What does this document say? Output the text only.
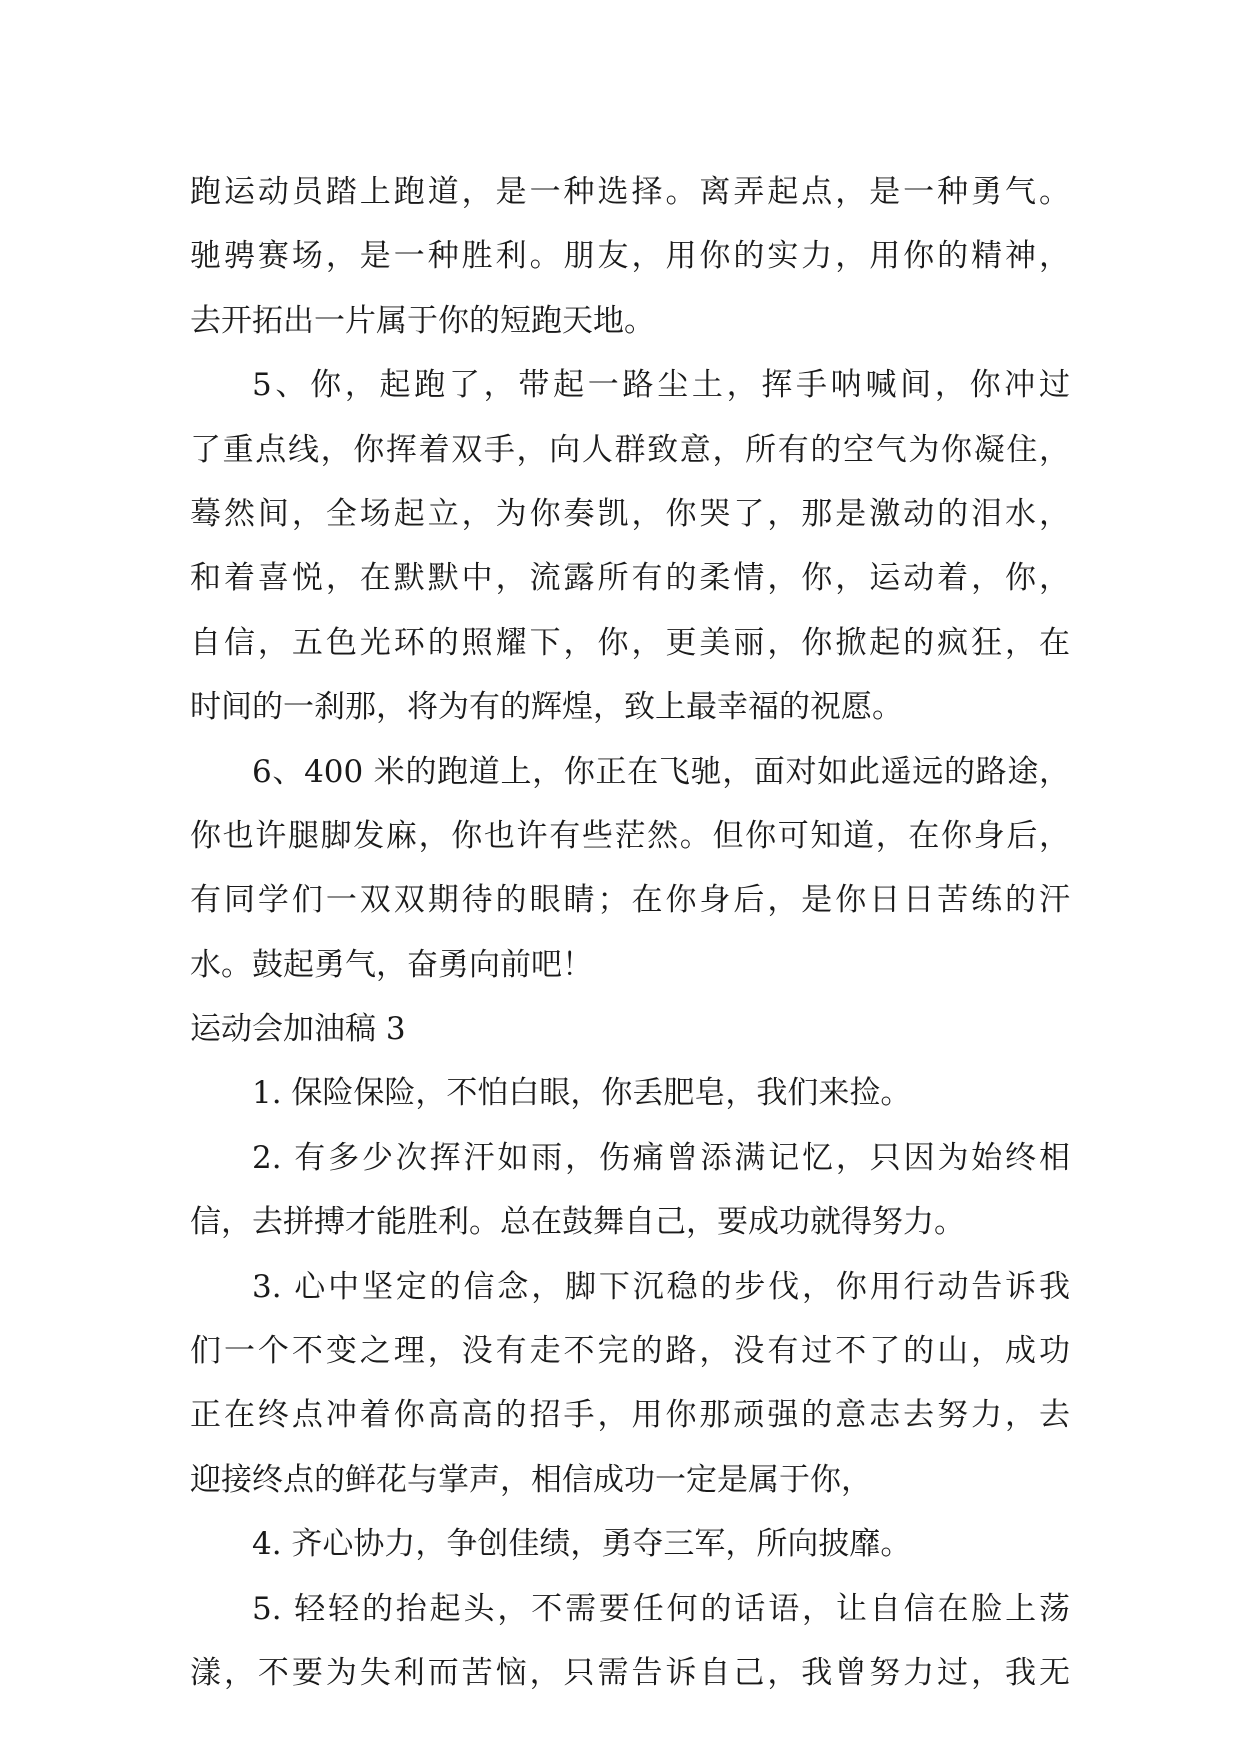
跑运动员踏上跑道，是一种选择。离弄起点，是一种勇气。
驰骋赛场，是一种胜利。朋友，用你的实力，用你的精神，
去开拓出一片属于你的短跑天地。
5、你，起跑了，带起一路尘土，挥手呐喊间，你冲过
了重点线，你挥着双手，向人群致意，所有的空气为你凝住，
蓦然间，全场起立，为你奏凯，你哭了，那是激动的泪水，
和着喜悦，在默默中，流露所有的柔情，你，运动着，你，
自信，五色光环的照耀下，你，更美丽，你掀起的疯狂，在
时间的一刹那，将为有的辉煌，致上最幸福的祝愿。
6、400 米的跑道上，你正在飞驰，面对如此遥远的路途，
你也许腿脚发麻，你也许有些茫然。但你可知道，在你身后，
有同学们一双双期待的眼睛；在你身后，是你日日苦练的汗
水。鼓起勇气，奋勇向前吧！
运动会加油稿 3
1. 保险保险，不怕白眼，你丢肥皂，我们来捡。
2. 有多少次挥汗如雨，伤痛曾添满记忆，只因为始终相
信，去拼搏才能胜利。总在鼓舞自己，要成功就得努力。
3. 心中坚定的信念，脚下沉稳的步伐，你用行动告诉我
们一个不变之理，没有走不完的路，没有过不了的山，成功
正在终点冲着你高高的招手，用你那顽强的意志去努力，去
迎接终点的鲜花与掌声，相信成功一定是属于你，
4. 齐心协力，争创佳绩，勇夺三军，所向披靡。
5. 轻轻的抬起头，不需要任何的话语，让自信在脸上荡
漾，不要为失利而苦恼，只需告诉自己，我曾努力过，我无
